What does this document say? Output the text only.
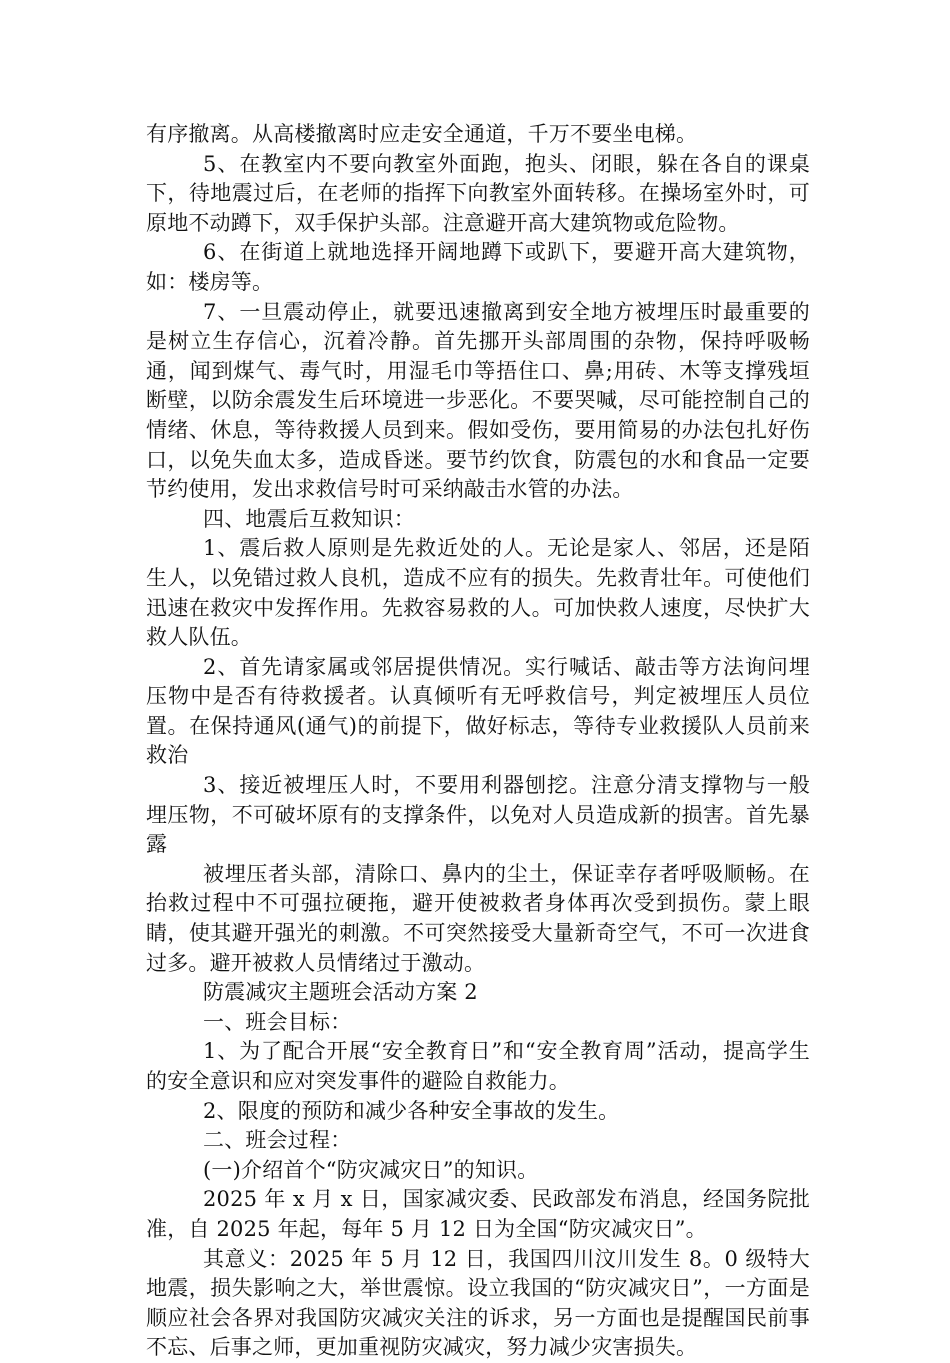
有序撤离。从高楼撤离时应走安全通道，千万不要坐电梯。

5、在教室内不要向教室外面跑，抱头、闭眼，躲在各自的课桌下，待地震过后，在老师的指挥下向教室外面转移。在操场室外时，可原地不动蹲下，双手保护头部。注意避开高大建筑物或危险物。

6、在街道上就地选择开阔地蹲下或趴下，要避开高大建筑物，如：楼房等。

7、一旦震动停止，就要迅速撤离到安全地方被埋压时最重要的是树立生存信心，沉着冷静。首先挪开头部周围的杂物，保持呼吸畅通，闻到煤气、毒气时，用湿毛巾等捂住口、鼻;用砖、木等支撑残垣断壁，以防余震发生后环境进一步恶化。不要哭喊，尽可能控制自己的情绪、休息，等待救援人员到来。假如受伤，要用简易的办法包扎好伤口，以免失血太多，造成昏迷。要节约饮食，防震包的水和食品一定要节约使用，发出求救信号时可采纳敲击水管的办法。

四、地震后互救知识：

1、震后救人原则是先救近处的人。无论是家人、邻居，还是陌生人，以免错过救人良机，造成不应有的损失。先救青壮年。可使他们迅速在救灾中发挥作用。先救容易救的人。可加快救人速度，尽快扩大救人队伍。

2、首先请家属或邻居提供情况。实行喊话、敲击等方法询问埋压物中是否有待救援者。认真倾听有无呼救信号，判定被埋压人员位置。在保持通风(通气)的前提下，做好标志，等待专业救援队人员前来救治

3、接近被埋压人时，不要用利器刨挖。注意分清支撑物与一般埋压物，不可破坏原有的支撑条件，以免对人员造成新的损害。首先暴露

被埋压者头部，清除口、鼻内的尘土，保证幸存者呼吸顺畅。在抬救过程中不可强拉硬拖，避开使被救者身体再次受到损伤。蒙上眼睛，使其避开强光的刺激。不可突然接受大量新奇空气，不可一次进食过多。避开被救人员情绪过于激动。

防震减灾主题班会活动方案 2

一、班会目标：

1、为了配合开展“安全教育日”和“安全教育周”活动，提高学生的安全意识和应对突发事件的避险自救能力。

2、限度的预防和减少各种安全事故的发生。

二、班会过程：

(一)介绍首个“防灾减灾日”的知识。

2025 年 x 月 x 日，国家减灾委、民政部发布消息，经国务院批准，自 2025 年起，每年 5 月 12 日为全国“防灾减灾日”。

其意义：2025 年 5 月 12 日，我国四川汶川发生 8。0 级特大地震，损失影响之大，举世震惊。设立我国的“防灾减灾日”，一方面是顺应社会各界对我国防灾减灾关注的诉求，另一方面也是提醒国民前事不忘、后事之师，更加重视防灾减灾，努力减少灾害损失。
